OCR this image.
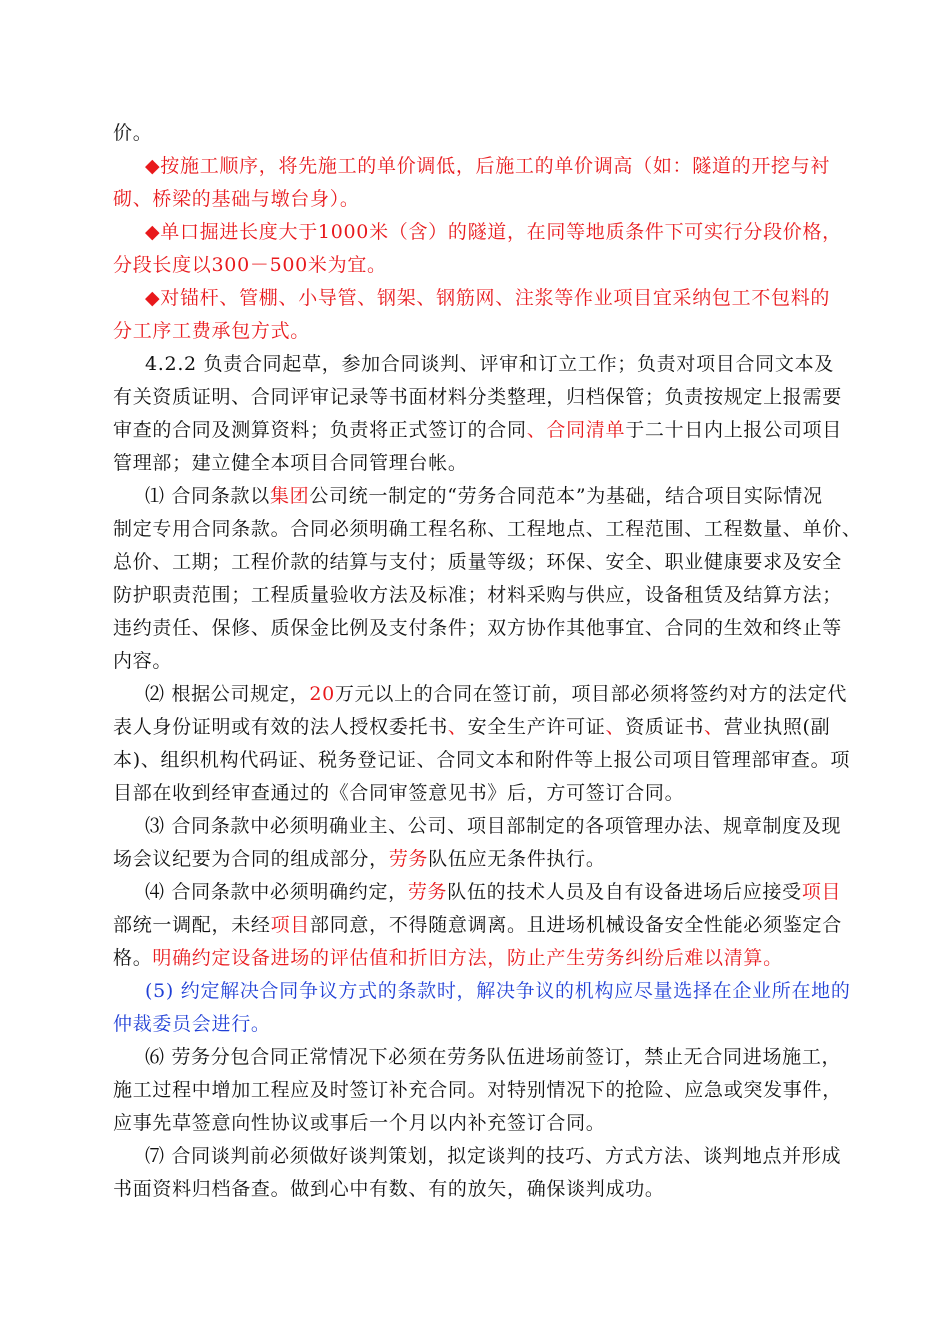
价。
◆按施工顺序，将先施工的单价调低，后施工的单价调高（如：隧道的开挖与衬
砌、桥梁的基础与墩台身）。
◆单口掘进长度大于1000米（含）的隧道，在同等地质条件下可实行分段价格，
分段长度以300－500米为宜。
◆对锚杆、管棚、小导管、钢架、钢筋网、注浆等作业项目宜采纳包工不包料的
分工序工费承包方式。
4.2.2 负责合同起草，参加合同谈判、评审和订立工作；负责对项目合同文本及
有关资质证明、合同评审记录等书面材料分类整理，归档保管；负责按规定上报需要
审查的合同及测算资料；负责将正式签订的合同、合同清单于二十日内上报公司项目
管理部；建立健全本项目合同管理台帐。
⑴ 合同条款以集团公司统一制定的“劳务合同范本”为基础，结合项目实际情况
制定专用合同条款。合同必须明确工程名称、工程地点、工程范围、工程数量、单价、
总价、工期；工程价款的结算与支付；质量等级；环保、安全、职业健康要求及安全
防护职责范围；工程质量验收方法及标准；材料采购与供应，设备租赁及结算方法；
违约责任、保修、质保金比例及支付条件；双方协作其他事宜、合同的生效和终止等
内容。
⑵ 根据公司规定，20万元以上的合同在签订前，项目部必须将签约对方的法定代
表人身份证明或有效的法人授权委托书、安全生产许可证、资质证书、营业执照(副
本)、组织机构代码证、税务登记证、合同文本和附件等上报公司项目管理部审查。项
目部在收到经审查通过的《合同审签意见书》后，方可签订合同。
⑶ 合同条款中必须明确业主、公司、项目部制定的各项管理办法、规章制度及现
场会议纪要为合同的组成部分，劳务队伍应无条件执行。
⑷ 合同条款中必须明确约定，劳务队伍的技术人员及自有设备进场后应接受项目
部统一调配，未经项目部同意，不得随意调离。且进场机械设备安全性能必须鉴定合
格。明确约定设备进场的评估值和折旧方法，防止产生劳务纠纷后难以清算。
(5) 约定解决合同争议方式的条款时，解决争议的机构应尽量选择在企业所在地的
仲裁委员会进行。
⑹ 劳务分包合同正常情况下必须在劳务队伍进场前签订，禁止无合同进场施工，
施工过程中增加工程应及时签订补充合同。对特别情况下的抢险、应急或突发事件，
应事先草签意向性协议或事后一个月以内补充签订合同。
⑺ 合同谈判前必须做好谈判策划，拟定谈判的技巧、方式方法、谈判地点并形成
书面资料归档备查。做到心中有数、有的放矢，确保谈判成功。
